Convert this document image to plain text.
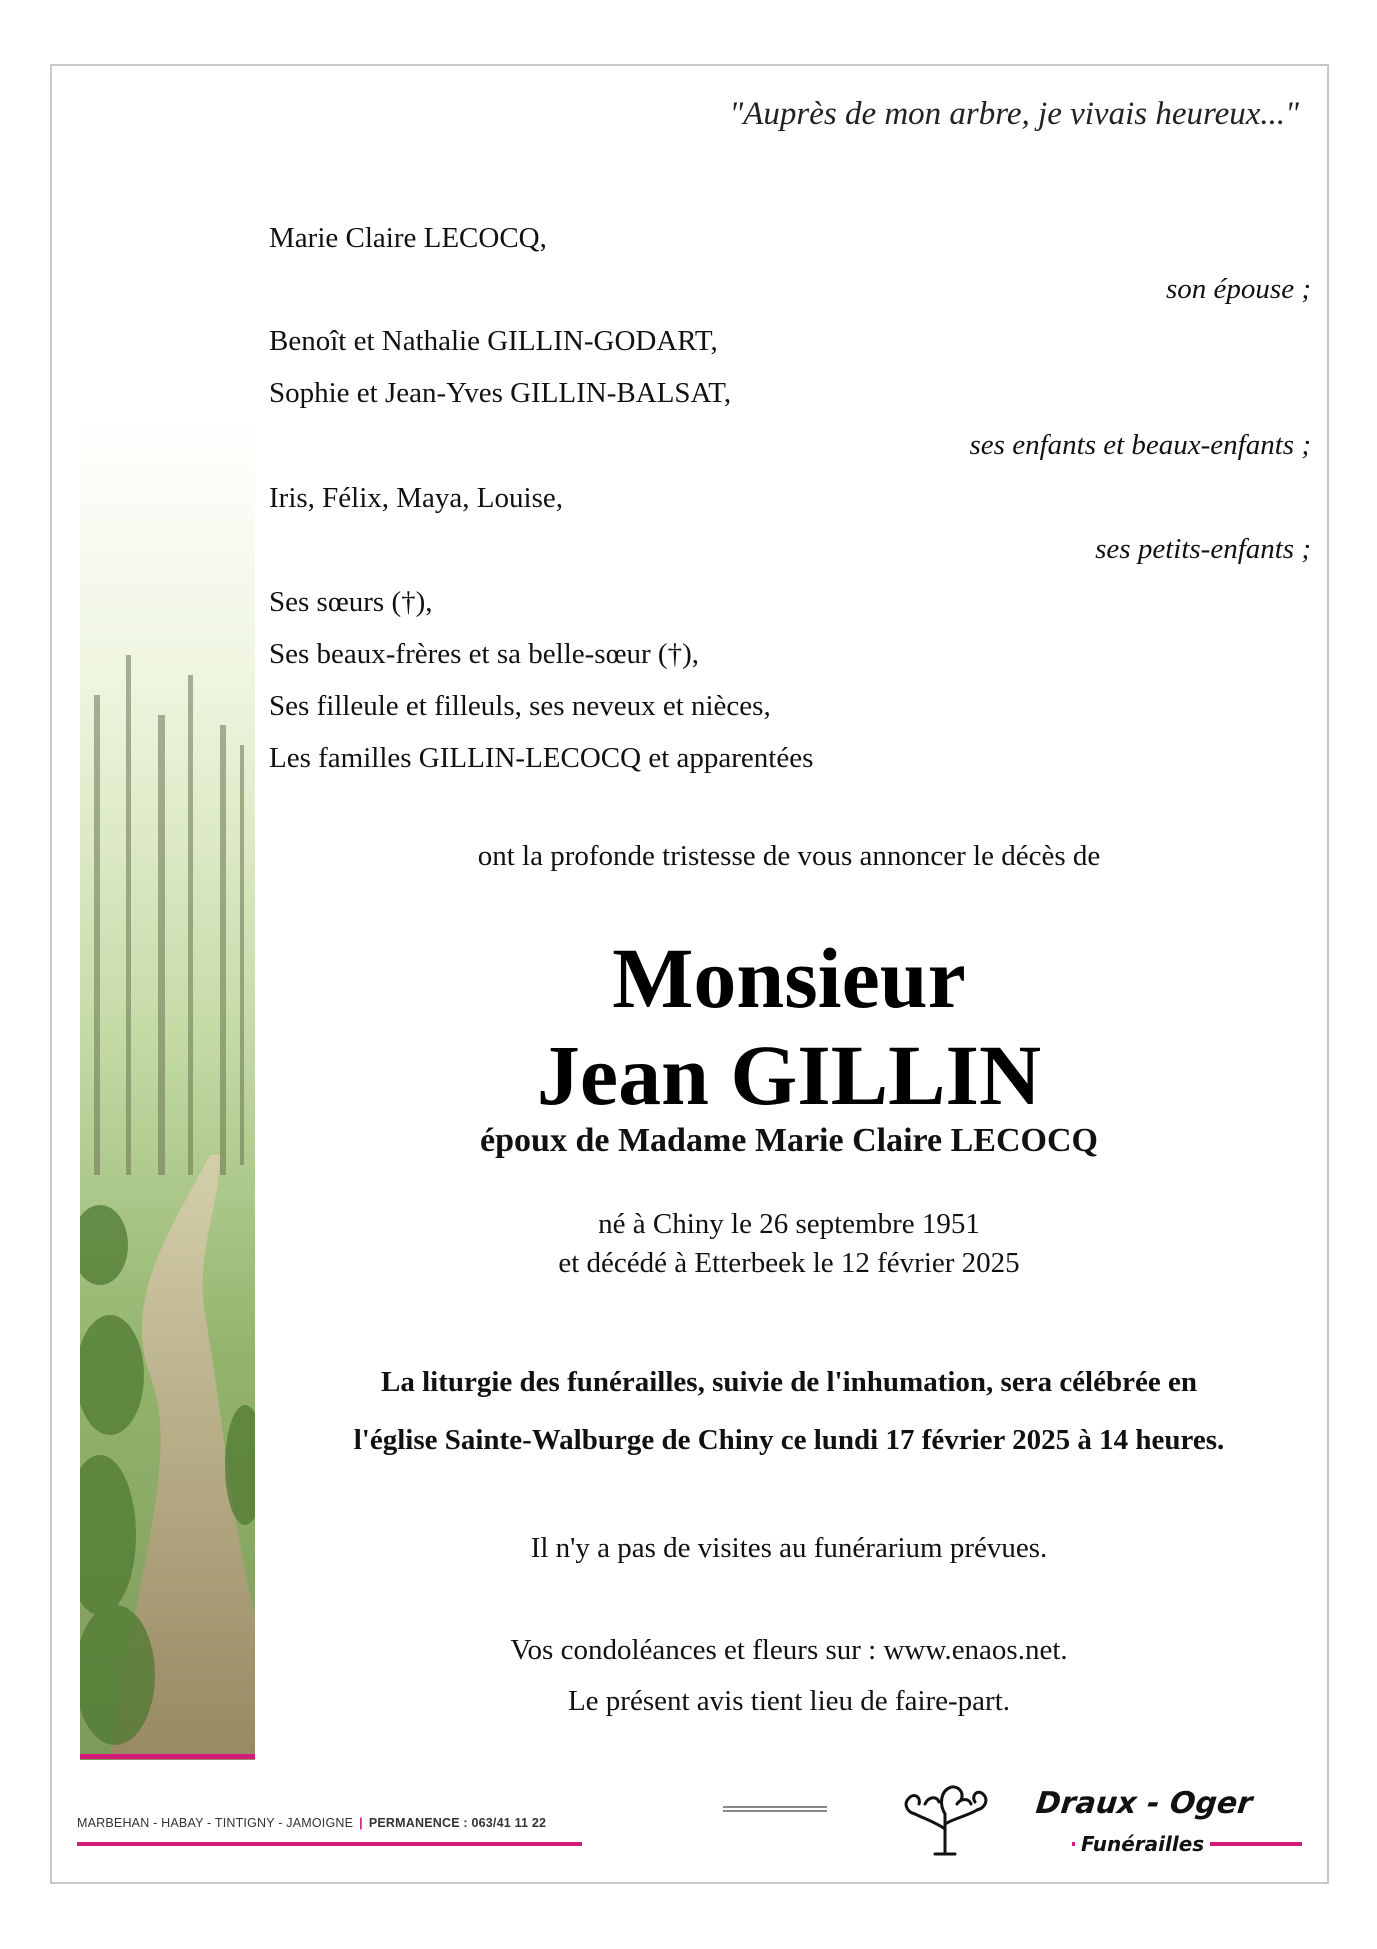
"Auprès de mon arbre, je vivais heureux..."
Marie Claire LECOCQ,
son épouse ;
Benoît et Nathalie GILLIN-GODART,
Sophie et Jean-Yves GILLIN-BALSAT,
ses enfants et beaux-enfants ;
Iris, Félix, Maya, Louise,
ses petits-enfants ;
Ses sœurs (†),
Ses beaux-frères et sa belle-sœur (†),
Ses filleule et filleuls, ses neveux et nièces,
Les familles GILLIN-LECOCQ et apparentées
ont la profonde tristesse de vous annoncer le décès de
Monsieur
Jean GILLIN
époux de Madame Marie Claire LECOCQ
né à Chiny le 26 septembre 1951
et décédé à Etterbeek le 12 février 2025
La liturgie des funérailles, suivie de l'inhumation, sera célébrée en
l'église Sainte-Walburge de Chiny ce lundi 17 février 2025 à 14 heures.
Il n'y a pas de visites au funérarium prévues.
Vos condoléances et fleurs sur : www.enaos.net.
Le présent avis tient lieu de faire-part.
MARBEHAN - HABAY - TINTIGNY - JAMOIGNE | PERMANENCE : 063/41 11 22
Draux - Oger
Funérailles
